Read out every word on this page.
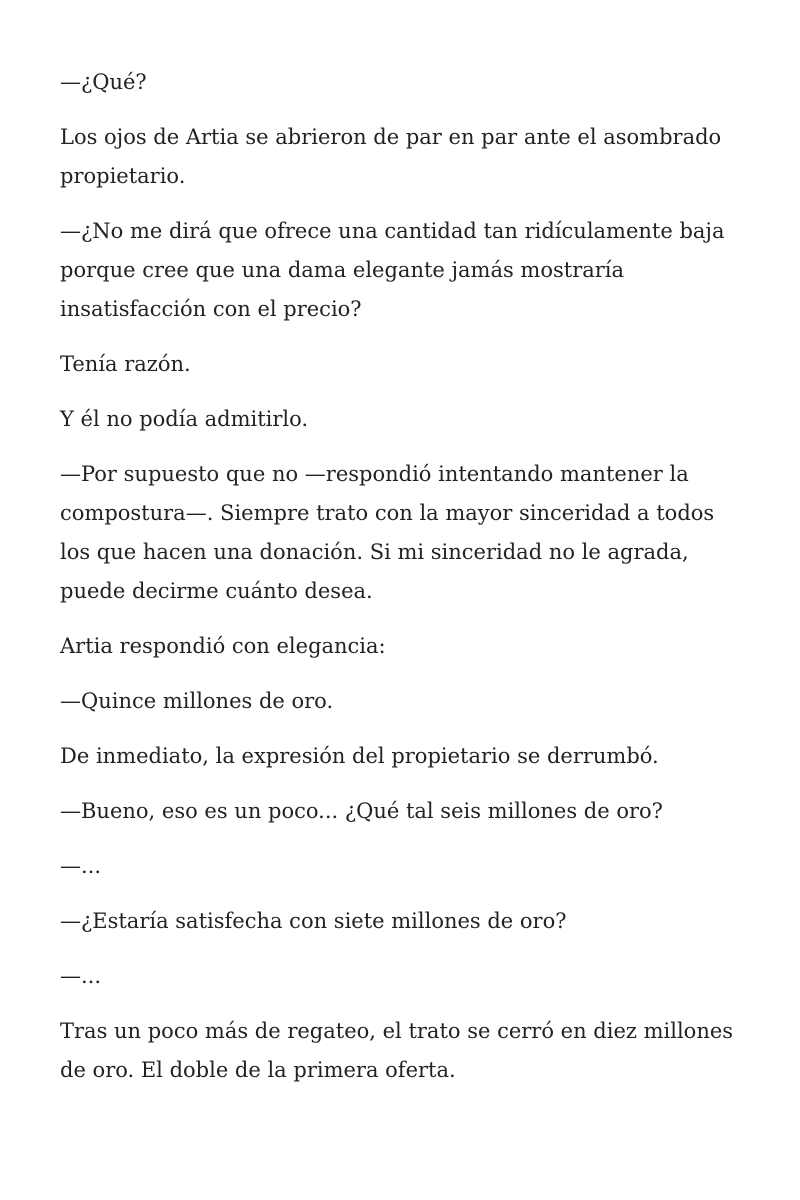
—¿Qué?

Los ojos de Artia se abrieron de par en par ante el asombrado propietario.

—¿No me dirá que ofrece una cantidad tan ridículamente baja porque cree que una dama elegante jamás mostraría insatisfacción con el precio?

Tenía razón.

Y él no podía admitirlo.

—Por supuesto que no —respondió intentando mantener la compostura—. Siempre trato con la mayor sinceridad a todos los que hacen una donación. Si mi sinceridad no le agrada, puede decirme cuánto desea.

Artia respondió con elegancia:

—Quince millones de oro.

De inmediato, la expresión del propietario se derrumbó.

—Bueno, eso es un poco... ¿Qué tal seis millones de oro?

—...

—¿Estaría satisfecha con siete millones de oro?

—...

Tras un poco más de regateo, el trato se cerró en diez millones de oro. El doble de la primera oferta.
